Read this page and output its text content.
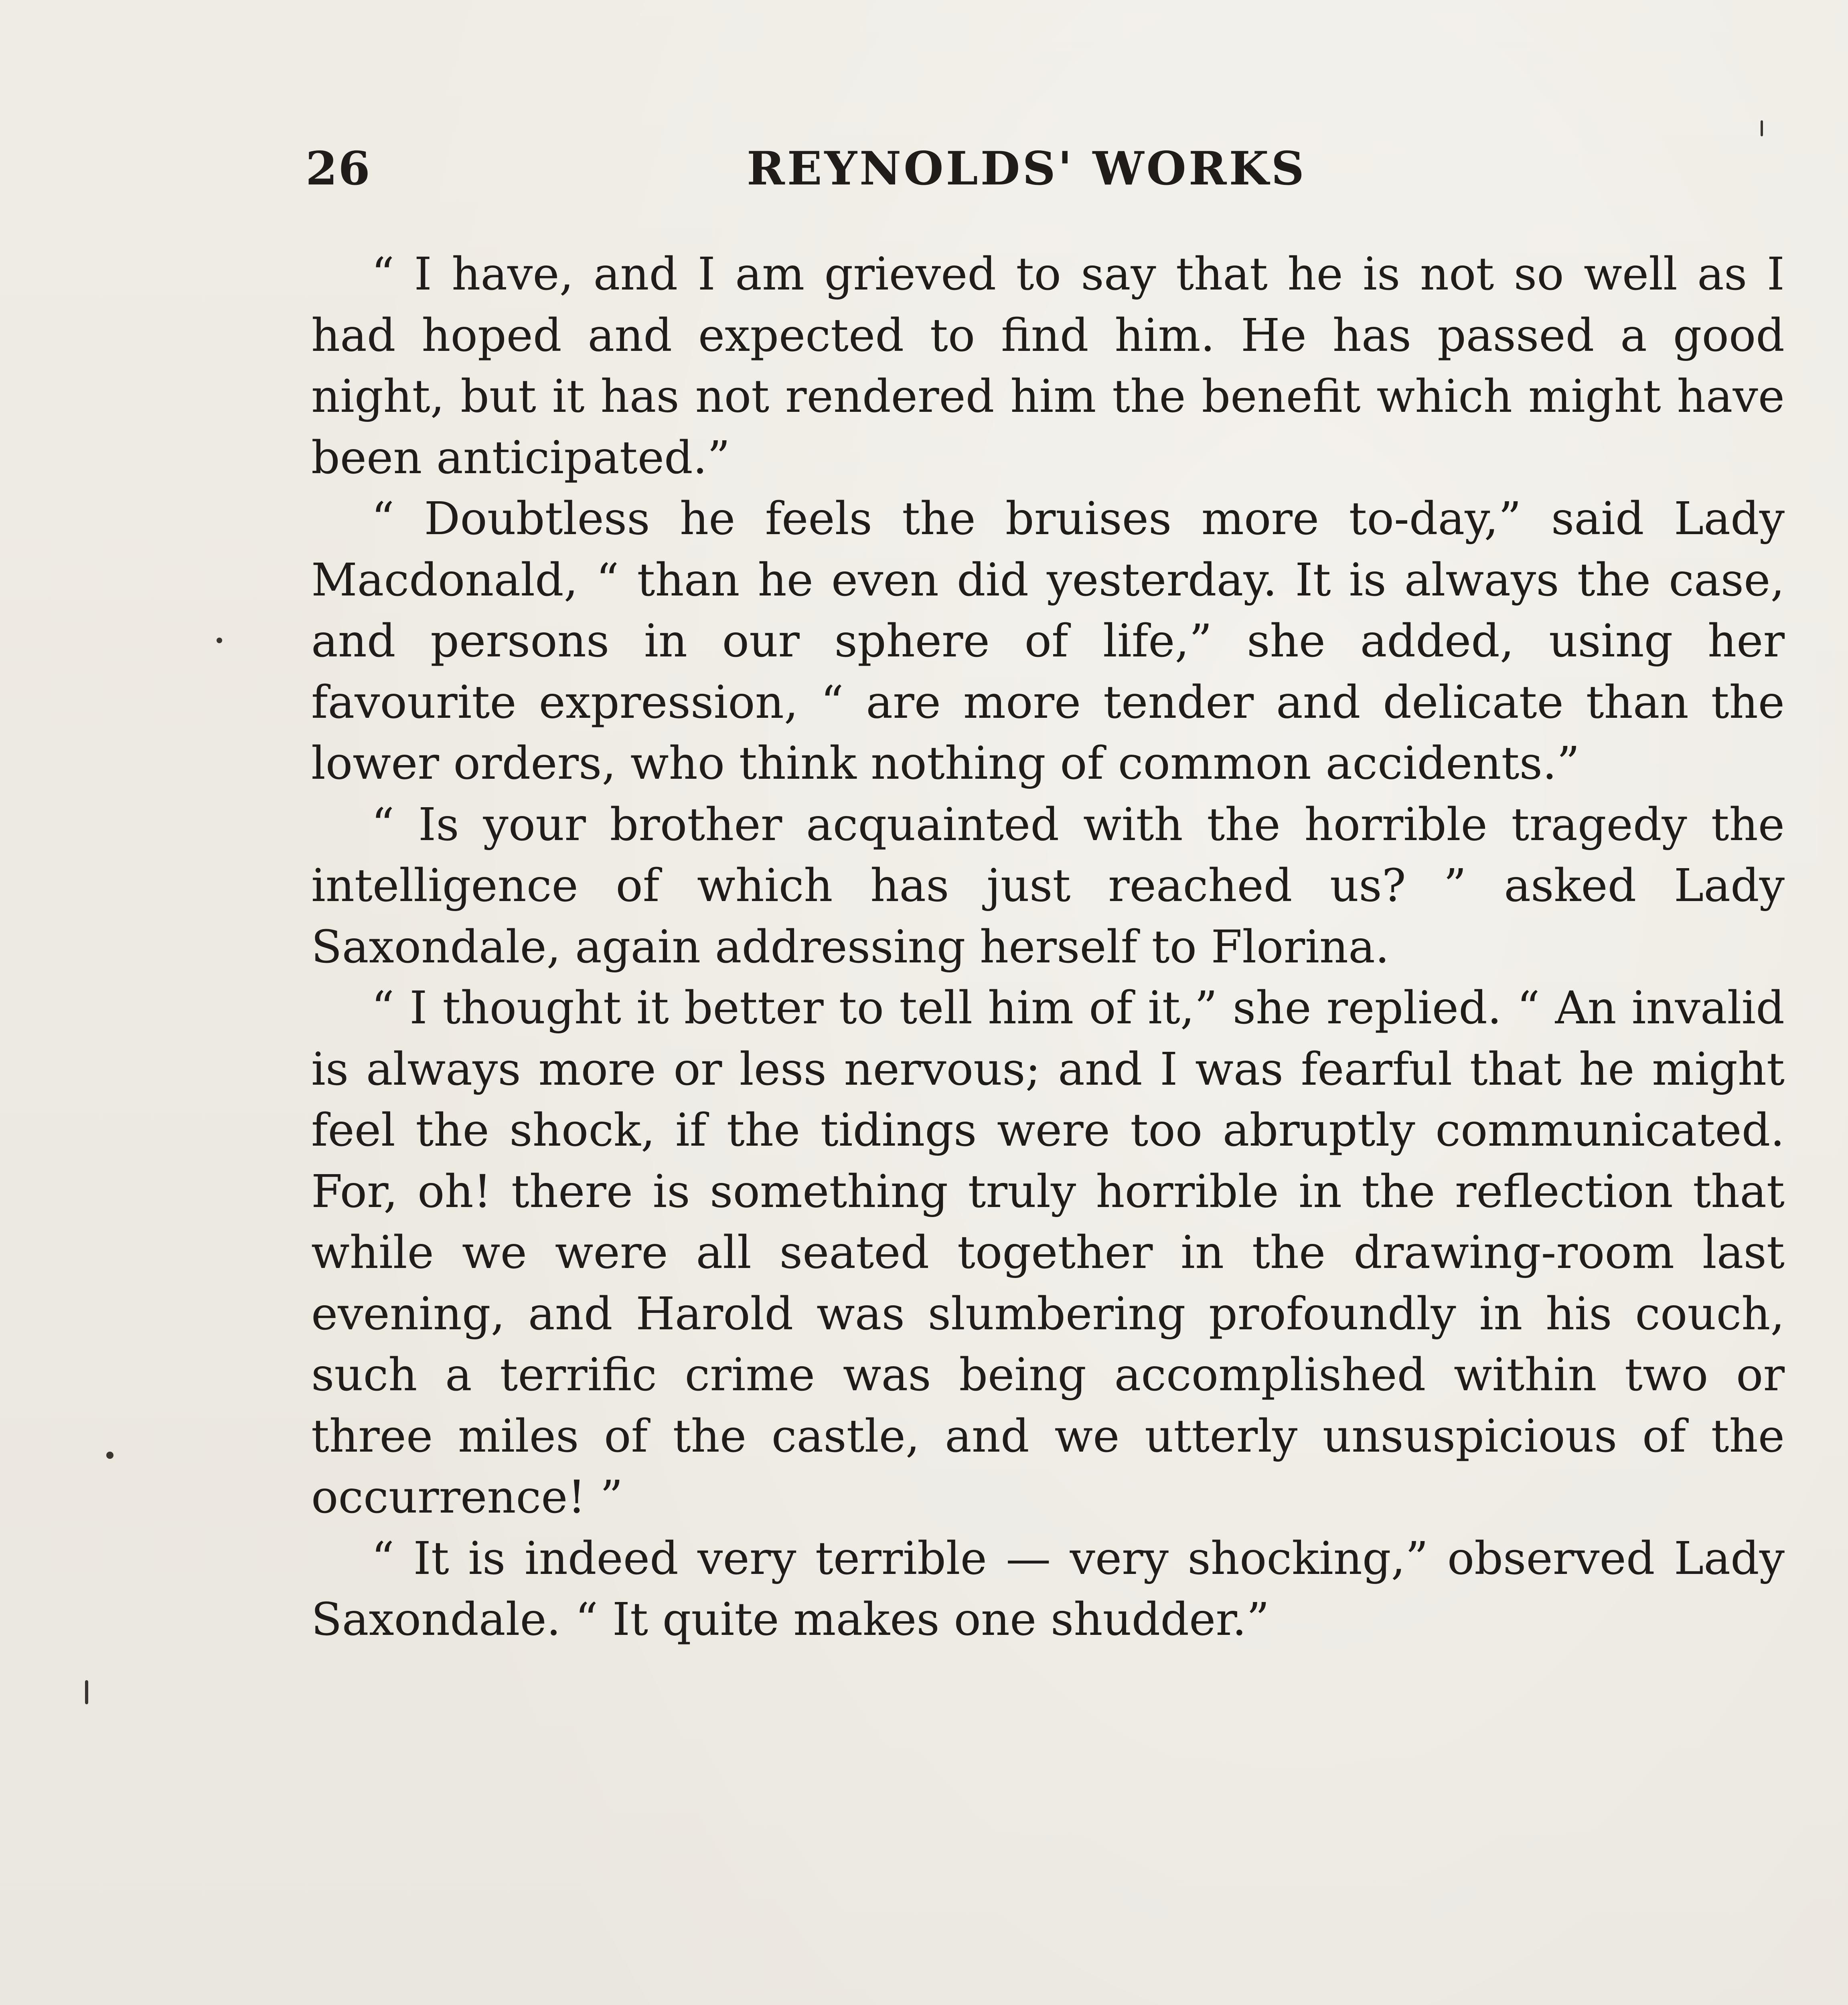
26	REYNOLDS' WORKS

“ I have, and I am grieved to say that he is not so well as I had hoped and expected to find him. He has passed a good night, but it has not rendered him the benefit which might have been anticipated.”

“ Doubtless he feels the bruises more to-day,” said Lady Macdonald, “ than he even did yesterday. It is always the case, and persons in our sphere of life,” she added, using her favourite expression, “ are more tender and delicate than the lower orders, who think nothing of common accidents.”

“ Is your brother acquainted with the horrible tragedy the intelligence of which has just reached us? ” asked Lady Saxondale, again addressing herself to Florina.

“ I thought it better to tell him of it,” she replied. “ An invalid is always more or less nervous; and I was fearful that he might feel the shock, if the tidings were too abruptly communicated. For, oh! there is something truly horrible in the reflection that while we were all seated together in the drawing-room last evening, and Harold was slumbering profoundly in his couch, such a terrific crime was being accomplished within two or three miles of the castle, and we utterly unsuspicious of the occurrence! ”

“ It is indeed very terrible — very shocking,” observed Lady Saxondale. “ It quite makes one shudder.”
